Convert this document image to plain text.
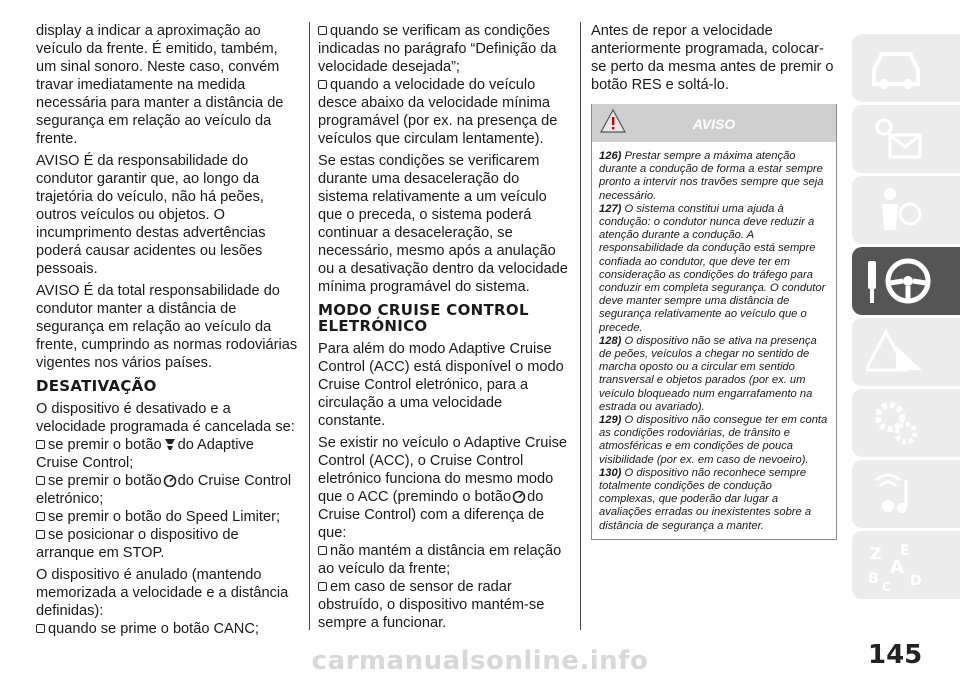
display a indicar a aproximação ao veículo da frente. É emitido, também, um sinal sonoro. Neste caso, convém travar imediatamente na medida necessária para manter a distância de segurança em relação ao veículo da frente.

AVISO É da responsabilidade do condutor garantir que, ao longo da trajetória do veículo, não há peões, outros veículos ou objetos. O incumprimento destas advertências poderá causar acidentes ou lesões pessoais.

AVISO É da total responsabilidade do condutor manter a distância de segurança em relação ao veículo da frente, cumprindo as normas rodoviárias vigentes nos vários países.

DESATIVAÇÃO

O dispositivo é desativado e a velocidade programada é cancelada se:

se premir o botão do Adaptive Cruise Control;

se premir o botão do Cruise Control eletrónico;

se premir o botão do Speed Limiter;

se posicionar o dispositivo de arranque em STOP.

O dispositivo é anulado (mantendo memorizada a velocidade e a distância definidas):

quando se prime o botão CANC;

quando se verificam as condições indicadas no parágrafo “Definição da velocidade desejada”;

quando a velocidade do veículo desce abaixo da velocidade mínima programável (por ex. na presença de veículos que circulam lentamente).

Se estas condições se verificarem durante uma desaceleração do sistema relativamente a um veículo que o preceda, o sistema poderá continuar a desaceleração, se necessário, mesmo após a anulação ou a desativação dentro da velocidade mínima programável do sistema.

MODO CRUISE CONTROL ELETRÓNICO

Para além do modo Adaptive Cruise Control (ACC) está disponível o modo Cruise Control eletrónico, para a circulação a uma velocidade constante.

Se existir no veículo o Adaptive Cruise Control (ACC), o Cruise Control eletrónico funciona do mesmo modo que o ACC (premindo o botão do Cruise Control) com a diferença de que:

não mantém a distância em relação ao veículo da frente;

em caso de sensor de radar obstruído, o dispositivo mantém-se sempre a funcionar.

Antes de repor a velocidade anteriormente programada, colocar-se perto da mesma antes de premir o botão RES e soltá-lo.

AVISO
126) Prestar sempre a máxima atenção durante a condução de forma a estar sempre pronto a intervir nos travões sempre que seja necessário.
127) O sistema constitui uma ajuda à condução: o condutor nunca deve reduzir a atenção durante a condução. A responsabilidade da condução está sempre confiada ao condutor, que deve ter em consideração as condições do tráfego para conduzir em completa segurança. O condutor deve manter sempre uma distância de segurança relativamente ao veículo que o precede.
128) O dispositivo não se ativa na presença de peões, veículos a chegar no sentido de marcha oposto ou a circular em sentido transversal e objetos parados (por ex. um veículo bloqueado num engarrafamento na estrada ou avariado).
129) O dispositivo não consegue ter em conta as condições rodoviárias, de trânsito e atmosféricas e em condições de pouca visibilidade (por ex. em caso de nevoeiro).
130) O dispositivo não reconhece sempre totalmente condições de condução complexas, que poderão dar lugar a avaliações erradas ou inexistentes sobre a distância de segurança a manter.
Z E
A
B D
C
145
carmanualsonline.info
